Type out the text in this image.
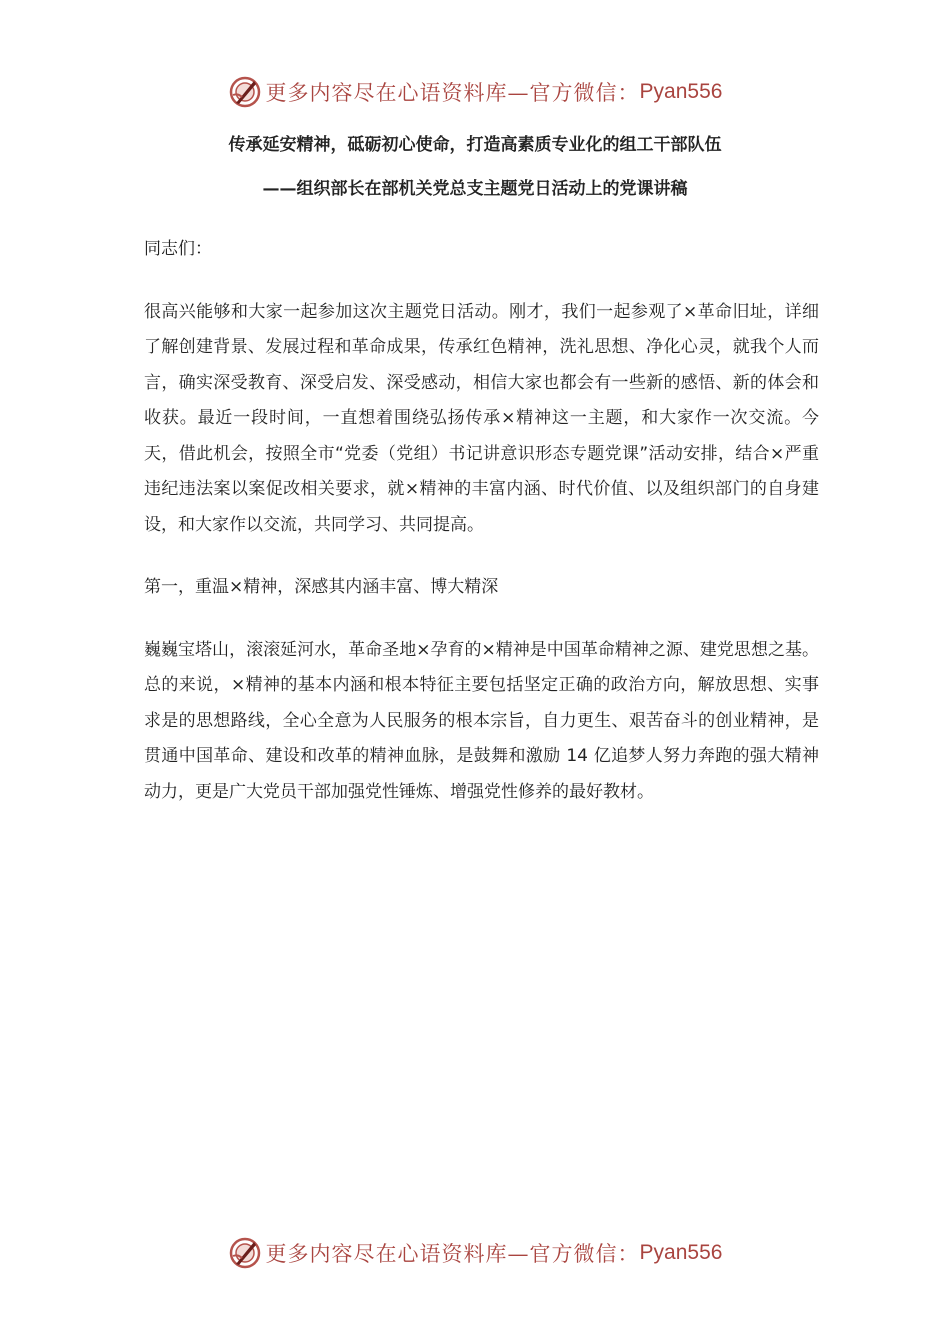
更多内容尽在心语资料库— 官方微信： Pyan556
传承延安精神，砥砺初心使命，打造高素质专业化的组工干部队伍
——组织部长在部机关党总支主题党日活动上的党课讲稿

同志们：

很高兴能够和大家一起参加这次主题党日活动。刚才，我们一起参观了×革命旧址，详细了解创建背景、发展过程和革命成果，传承红色精神，洗礼思想、净化心灵，就我个人而言，确实深受教育、深受启发、深受感动，相信大家也都会有一些新的感悟、新的体会和收获。最近一段时间，一直想着围绕弘扬传承×精神这一主题，和大家作一次交流。今天，借此机会，按照全市“党委（党组）书记讲意识形态专题党课”活动安排，结合×严重违纪违法案以案促改相关要求，就×精神的丰富内涵、时代价值、以及组织部门的自身建设，和大家作以交流，共同学习、共同提高。

第一，重温×精神，深感其内涵丰富、博大精深

巍巍宝塔山，滚滚延河水，革命圣地×孕育的×精神是中国革命精神之源、建党思想之基。总的来说，×精神的基本内涵和根本特征主要包括坚定正确的政治方向，解放思想、实事求是的思想路线，全心全意为人民服务的根本宗旨，自力更生、艰苦奋斗的创业精神，是贯通中国革命、建设和改革的精神血脉，是鼓舞和激励 14 亿追梦人努力奔跑的强大精神动力，更是广大党员干部加强党性锤炼、增强党性修养的最好教材。

更多内容尽在心语资料库— 官方微信： Pyan556
